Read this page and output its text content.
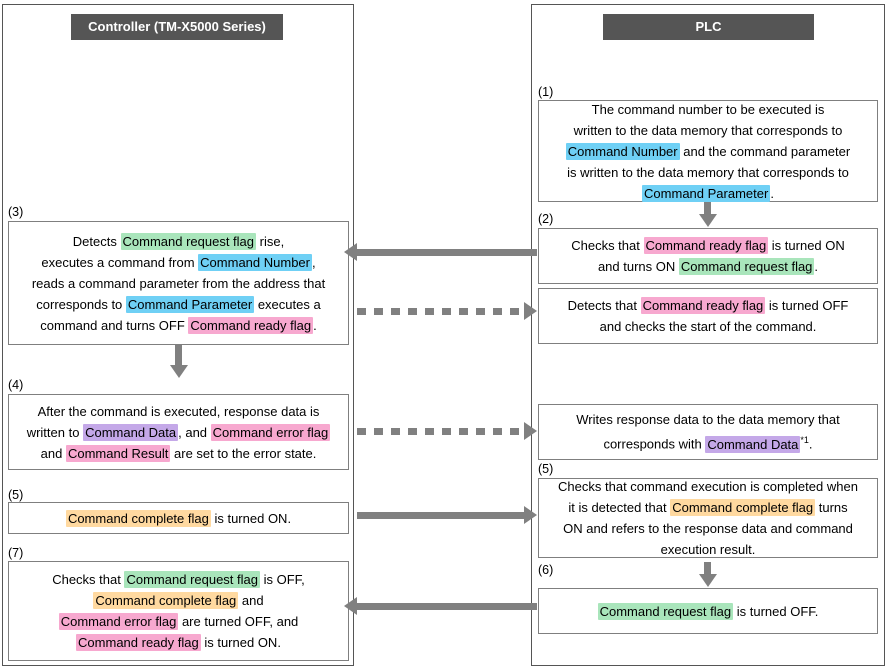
Controller (TM-X5000 Series)	PLC
(1)
The command number to be executed is
written to the data memory that corresponds to
Command Number and the command parameter
is written to the data memory that corresponds to
Command Parameter .
(2)
Checks that Command ready flag is turned ON
and turns ON Command request flag .
Detects that Command ready flag is turned OFF
and checks the start of the command.
Writes response data to the data memory that
corresponds with Command Data $^{*1}$.
(5)
Checks that command execution is completed when
it is detected that Command complete flag turns
ON and refers to the response data and command
execution result.
(6)
Command request flag is turned OFF.
(3)
Detects Command request flag rise,
executes a command from Command Number ,
reads a command parameter from the address that
corresponds to Command Parameter executes a
command and turns OFF Command ready flag .
(4)
After the command is executed, response data is
written to Command Data , and Command error flag
and Command Result are set to the error state.
(5)
Command complete flag is turned ON.
(7)
Checks that Command request flag is OFF,
Command complete flag and
Command error flag are turned OFF, and
Command ready flag is turned ON.
